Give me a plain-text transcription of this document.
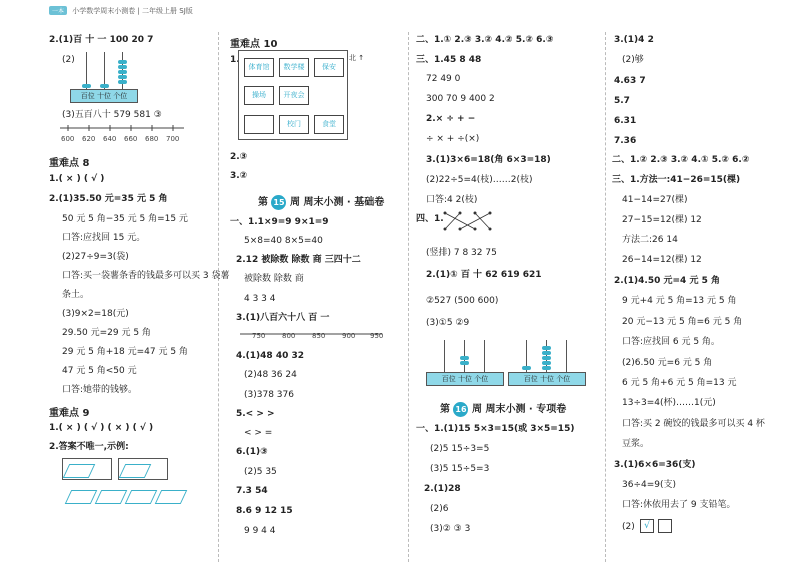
一本 小学数学周末小测卷 | 二年级上册 SJ版
2.(1)百 十 一 100 20 7
(2)
百位 十位 个位
(3)五百八十 579 581 ③
600 620 640 660 680 700
重难点 8
1.( × ) ( √ )
2.(1)35.50 元=35 元 5 角
50 元 5 角−35 元 5 角=15 元
口答:应找回 15 元。
(2)27÷9=3(袋)
口答:买一袋薯条香的钱最多可以买 3 袋薯
条土。
(3)9×2=18(元)
29.50 元=29 元 5 角
29 元 5 角+18 元=47 元 5 角
47 元 5 角<50 元
口答:她带的钱够。
重难点 9
1.( × ) ( √ ) ( × ) ( √ )
2.答案不唯一,示例:
重难点 10
1.
体育馆	数学楼	保安
操场	开夜会
校门	食堂
北 ↑
2.③
3.②
第 15 周 周末小测 · 基础卷
一、1.1×9=9 9×1=9
5×8=40 8×5=40
2.12 被除数 除数 商 三四十二
被除数 除数 商
4 3 3 4
3.(1)八百六十八 百 一
750 800 850 900 950
4.(1)48 40 32
(2)48 36 24
(3)378 376
5.< > >
< > =
6.(1)③
(2)5 35
7.3 54
8.6 9 12 15
9 9 4 4
二、1.① 2.③ 3.② 4.② 5.② 6.③
三、1.45 8 48
72 49 0
300 70 9 400 2
2.× ÷ + −
÷ × + ÷(×)
3.(1)3×6=18(角 6×3=18)
(2)22÷5=4(枝)……2(枝)
口答:4 2(枝)
四、1.
(竖排) 7 8 32 75
2.(1)① 百 十 62 619 621
②527 (500 600)
(3)①5 ②9
百位 十位 个位	百位 十位 个位
第 16 周 周末小测 · 专项卷
一、1.(1)15 5×3=15(或 3×5=15)
(2)5 15÷3=5
(3)5 15÷5=3
2.(1)28
(2)6
(3)② ③ 3
3.(1)4 2
(2)够
4.63 7
5.7
6.31
7.36
二、1.② 2.③ 3.② 4.① 5.② 6.②
三、1.方法一:41−26=15(棵)
41−14=27(棵)
27−15=12(棵) 12
方法二:26 14
26−14=12(棵) 12
2.(1)4.50 元=4 元 5 角
9 元+4 元 5 角=13 元 5 角
20 元−13 元 5 角=6 元 5 角
口答:应找回 6 元 5 角。
(2)6.50 元=6 元 5 角
6 元 5 角+6 元 5 角=13 元
13÷3=4(杯)……1(元)
口答:买 2 碗饺的钱最多可以买 4 杯
豆浆。
3.(1)6×6=36(支)
36÷4=9(支)
口答:休依用去了 9 支铅笔。
(2)	√
